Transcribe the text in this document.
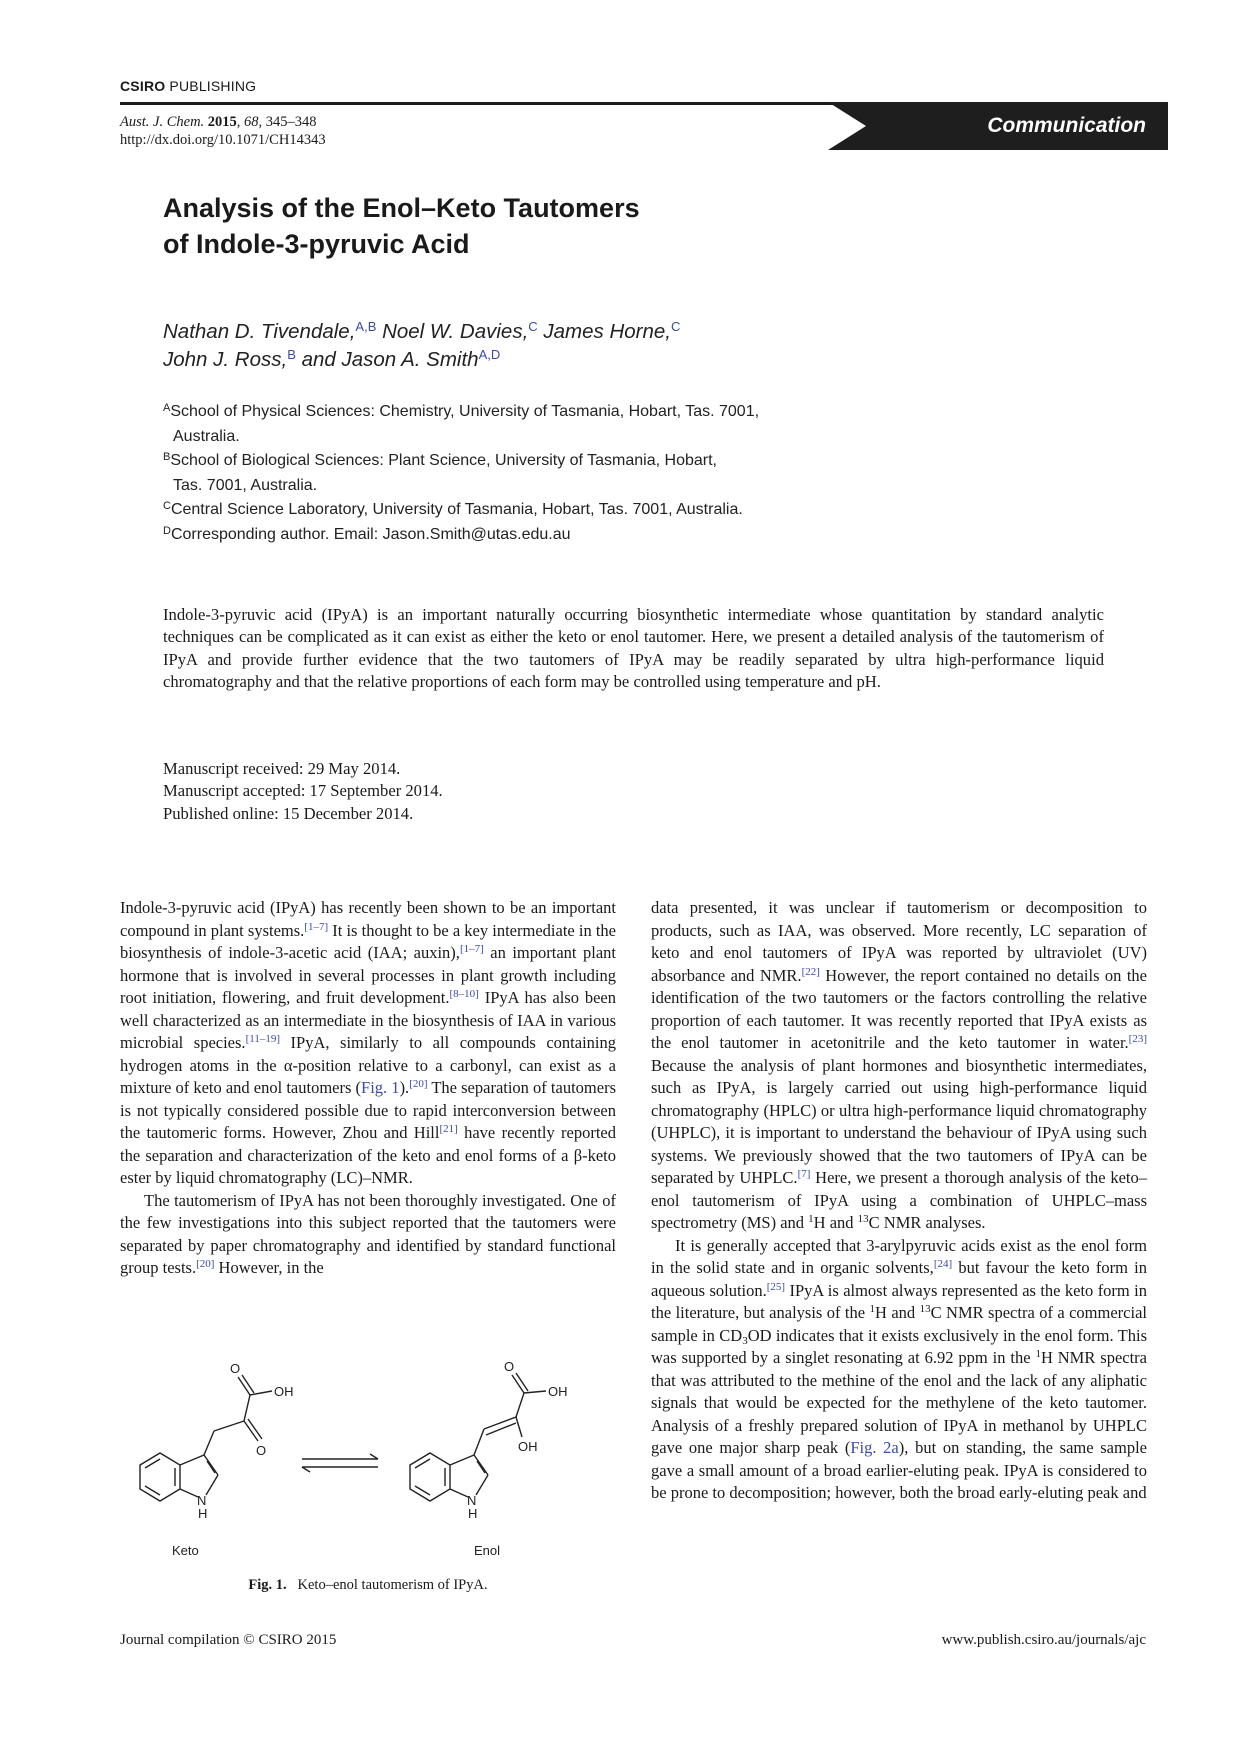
CSIRO PUBLISHING
Aust. J. Chem. 2015, 68, 345–348
http://dx.doi.org/10.1071/CH14343
Communication
Analysis of the Enol–Keto Tautomers
of Indole-3-pyruvic Acid
Nathan D. Tivendale,$^{A,B}$ Noel W. Davies,$^C$ James Horne,$^C$
John J. Ross,$^B$ and Jason A. Smith$^{A,D}$
$^A$School of Physical Sciences: Chemistry, University of Tasmania, Hobart, Tas. 7001,
Australia.
$^B$School of Biological Sciences: Plant Science, University of Tasmania, Hobart,
Tas. 7001, Australia.
$^C$Central Science Laboratory, University of Tasmania, Hobart, Tas. 7001, Australia.
$^D$Corresponding author. Email: Jason.Smith@utas.edu.au
Indole-3-pyruvic acid (IPyA) is an important naturally occurring biosynthetic intermediate whose quantitation by standard analytic techniques can be complicated as it can exist as either the keto or enol tautomer. Here, we present a detailed analysis of the tautomerism of IPyA and provide further evidence that the two tautomers of IPyA may be readily separated by ultra high-performance liquid chromatography and that the relative proportions of each form may be controlled using temperature and pH.
Manuscript received: 29 May 2014.
Manuscript accepted: 17 September 2014.
Published online: 15 December 2014.

Indole-3-pyruvic acid (IPyA) has recently been shown to be an important compound in plant systems.[1–7] It is thought to be a key intermediate in the biosynthesis of indole-3-acetic acid (IAA; auxin),[1–7] an important plant hormone that is involved in several processes in plant growth including root initiation, flowering, and fruit development.[8–10] IPyA has also been well characterized as an intermediate in the biosynthesis of IAA in various microbial species.[11–19] IPyA, similarly to all compounds containing hydrogen atoms in the α-position relative to a carbonyl, can exist as a mixture of keto and enol tautomers (Fig. 1).[20] The separation of tautomers is not typically considered possible due to rapid interconversion between the tautomeric forms. However, Zhou and Hill[21] have recently reported the separation and characterization of the keto and enol forms of a β-keto ester by liquid chromatography (LC)–NMR.

The tautomerism of IPyA has not been thoroughly investigated. One of the few investigations into this subject reported that the tautomers were separated by paper chromatography and identified by standard functional group tests.[20] However, in the

O
OH
O
N
H
O
OH
OH
N
H
Keto	Enol
Fig. 1. Keto–enol tautomerism of IPyA.

data presented, it was unclear if tautomerism or decomposition to products, such as IAA, was observed. More recently, LC separation of keto and enol tautomers of IPyA was reported by ultraviolet (UV) absorbance and NMR.[22] However, the report contained no details on the identification of the two tautomers or the factors controlling the relative proportion of each tautomer. It was recently reported that IPyA exists as the enol tautomer in acetonitrile and the keto tautomer in water.[23] Because the analysis of plant hormones and biosynthetic intermediates, such as IPyA, is largely carried out using high-performance liquid chromatography (HPLC) or ultra high-performance liquid chromatography (UHPLC), it is important to understand the behaviour of IPyA using such systems. We previously showed that the two tautomers of IPyA can be separated by UHPLC.[7] Here, we present a thorough analysis of the keto–enol tautomerism of IPyA using a combination of UHPLC–mass spectrometry (MS) and $^1$H and $^{13}$C NMR analyses.

It is generally accepted that 3-arylpyruvic acids exist as the enol form in the solid state and in organic solvents,[24] but favour the keto form in aqueous solution.[25] IPyA is almost always represented as the keto form in the literature, but analysis of the $^1$H and $^{13}$C NMR spectra of a commercial sample in $CD_3OD$ indicates that it exists exclusively in the enol form. This was supported by a singlet resonating at 6.92 ppm in the $^1$H NMR spectra that was attributed to the methine of the enol and the lack of any aliphatic signals that would be expected for the methylene of the keto tautomer. Analysis of a freshly prepared solution of IPyA in methanol by UHPLC gave one major sharp peak (Fig. 2a), but on standing, the same sample gave a small amount of a broad earlier-eluting peak. IPyA is considered to be prone to decomposition; however, both the broad early-eluting peak and

Journal compilation © CSIRO 2015	www.publish.csiro.au/journals/ajc
